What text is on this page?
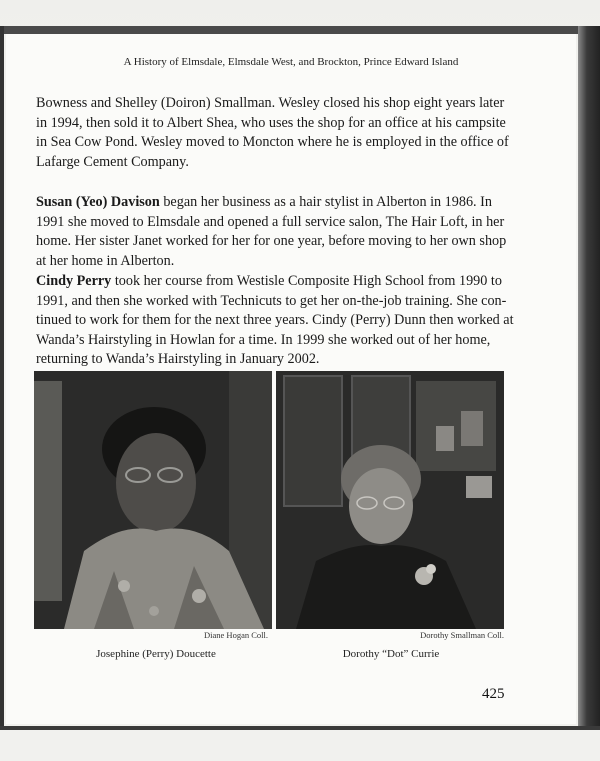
A History of Elmsdale, Elmsdale West, and Brockton, Prince Edward Island
Bowness and Shelley (Doiron) Smallman. Wesley closed his shop eight years later
in 1994, then sold it to Albert Shea, who uses the shop for an office at his campsite
in Sea Cow Pond. Wesley moved to Moncton where he is employed in the office of
Lafarge Cement Company.
Susan (Yeo) Davison began her business as a hair stylist in Alberton in 1986. In
1991 she moved to Elmsdale and opened a full service salon, The Hair Loft, in her
home. Her sister Janet worked for her for one year, before moving to her own shop
at her home in Alberton.
Cindy Perry took her course from Westisle Composite High School from 1990 to
1991, and then she worked with Technicuts to get her on-the-job training. She con-
tinued to work for them for the next three years. Cindy (Perry) Dunn then worked at
Wanda’s Hairstyling in Howlan for a time. In 1999 she worked out of her home,
returning to Wanda’s Hairstyling in January 2002.
Diane Hogan Coll.	Dorothy Smallman Coll.
Josephine (Perry) Doucette	Dorothy “Dot” Currie
425
